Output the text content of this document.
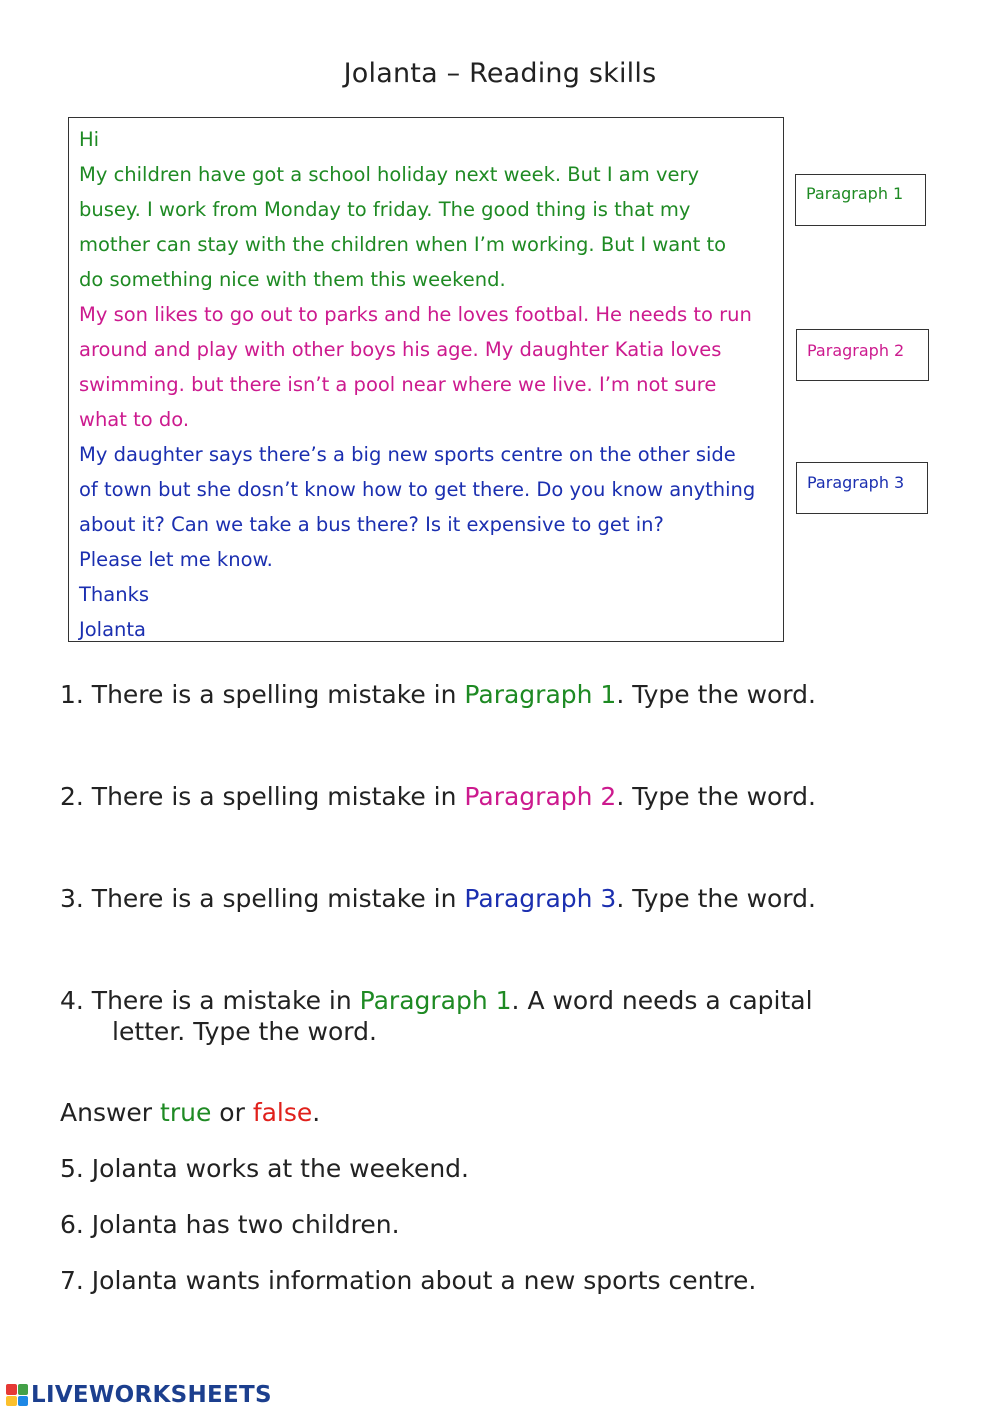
Jolanta – Reading skills
Hi
My children have got a school holiday next week. But I am very
busey. I work from Monday to friday. The good thing is that my
mother can stay with the children when I’m working. But I want to
do something nice with them this weekend.
My son likes to go out to parks and he loves footbal. He needs to run
around and play with other boys his age. My daughter Katia loves
swimming. but there isn’t a pool near where we live. I’m not sure
what to do.
My daughter says there’s a big new sports centre on the other side
of town but she dosn’t know how to get there. Do you know anything
about it? Can we take a bus there? Is it expensive to get in?
Please let me know.
Thanks
Jolanta
Paragraph 1
Paragraph 2
Paragraph 3
1. There is a spelling mistake in Paragraph 1. Type the word.
2. There is a spelling mistake in Paragraph 2. Type the word.
3. There is a spelling mistake in Paragraph 3. Type the word.
4. There is a mistake in Paragraph 1. A word needs a capital
letter. Type the word.
Answer true or false.
5. Jolanta works at the weekend.
6. Jolanta has two children.
7. Jolanta wants information about a new sports centre.
LIVEWORKSHEETS
